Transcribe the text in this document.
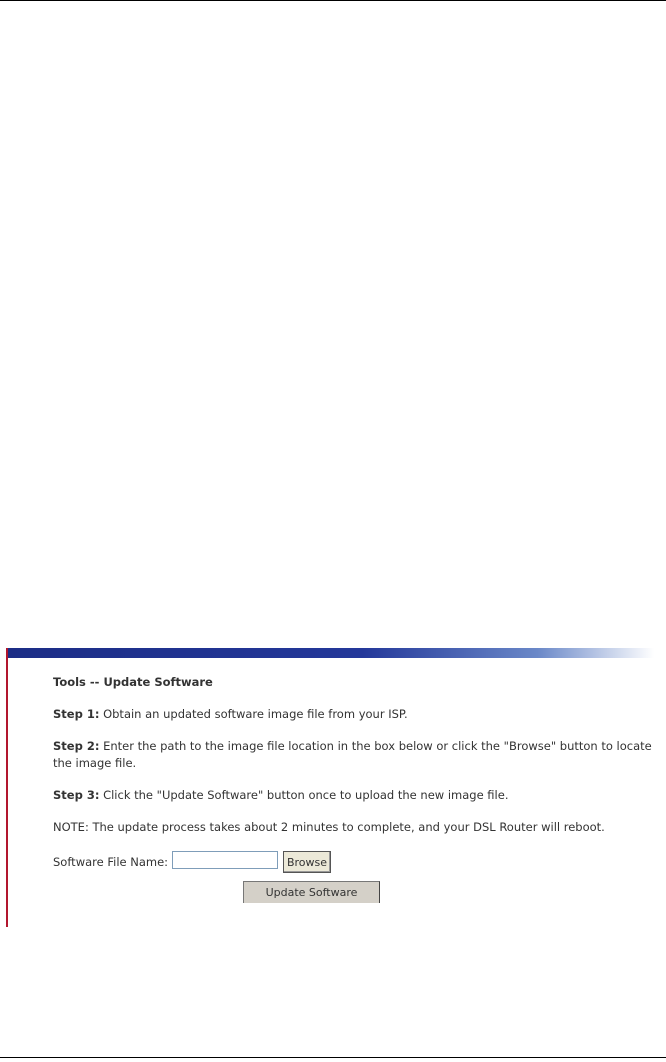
Tools -- Update Software
Step 1: Obtain an updated software image file from your ISP.
Step 2: Enter the path to the image file location in the box below or click the "Browse" button to locate the image file.
Step 3: Click the "Update Software" button once to upload the new image file.
NOTE: The update process takes about 2 minutes to complete, and your DSL Router will reboot.
Software File Name:	Browse
Update Software
